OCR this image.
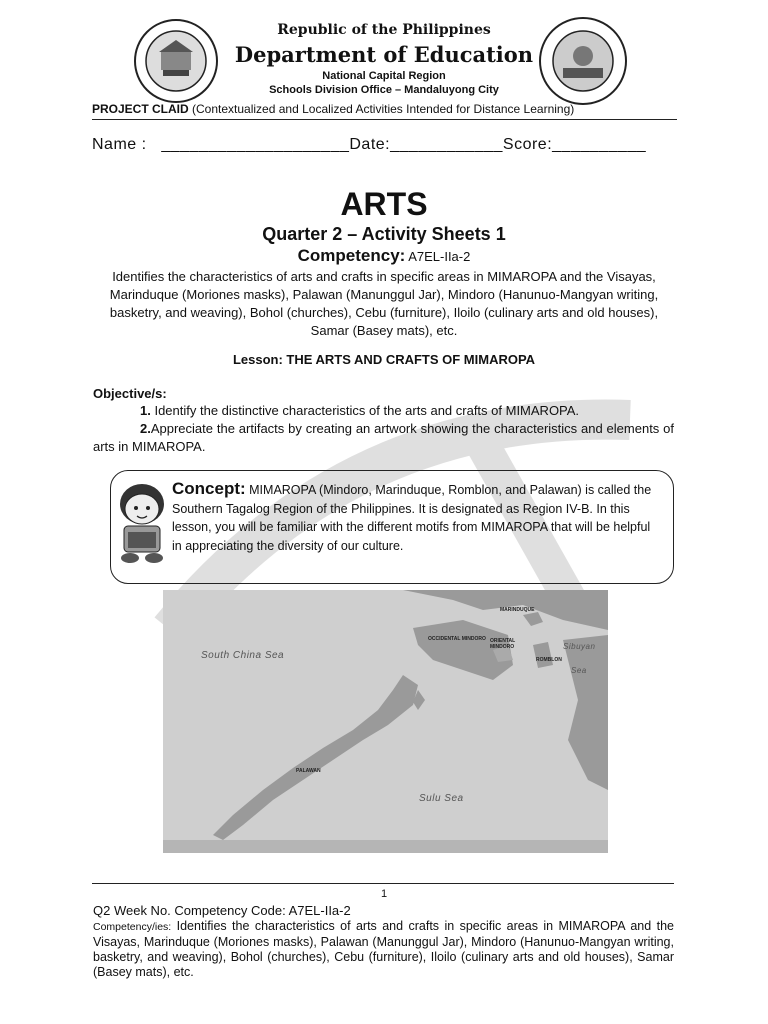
Republic of the Philippines
Department of Education
National Capital Region
Schools Division Office – Mandaluyong City
PROJECT CLAID (Contextualized and Localized Activities Intended for Distance Learning)
Name :   ____________________Date:____________Score:__________
ARTS
Quarter 2 – Activity Sheets 1
Competency: A7EL-IIa-2
Identifies the characteristics of arts and crafts in specific areas in MIMAROPA and the Visayas, Marinduque (Moriones masks), Palawan (Manunggul Jar), Mindoro (Hanunuo-Mangyan writing, basketry, and weaving), Bohol (churches), Cebu (furniture), Iloilo (culinary arts and old houses), Samar (Basey mats), etc.
Lesson: THE ARTS AND CRAFTS OF MIMAROPA
Objective/s:
1. Identify the distinctive characteristics of the arts and crafts of MIMAROPA.
2.Appreciate the artifacts by creating an artwork showing the characteristics and elements of arts in MIMAROPA.
Concept: MIMAROPA (Mindoro, Marinduque, Romblon, and Palawan) is called the Southern Tagalog Region of the Philippines. It is designated as Region IV-B. In this lesson, you will be familiar with the different motifs from MIMAROPA that will be helpful in appreciating the diversity of our culture.
South China Sea
Sulu Sea
Sibuyan
Sea
OCCIDENTAL MINDORO ORIENTAL MINDORO
MARINDUQUE
ROMBLON
PALAWAN
1
Q2 Week No. Competency Code: A7EL-IIa-2
Competency/ies: Identifies the characteristics of arts and crafts in specific areas in MIMAROPA and the Visayas, Marinduque (Moriones masks), Palawan (Manunggul Jar), Mindoro (Hanunuo-Mangyan writing, basketry, and weaving), Bohol (churches), Cebu (furniture), Iloilo (culinary arts and old houses), Samar (Basey mats), etc.
